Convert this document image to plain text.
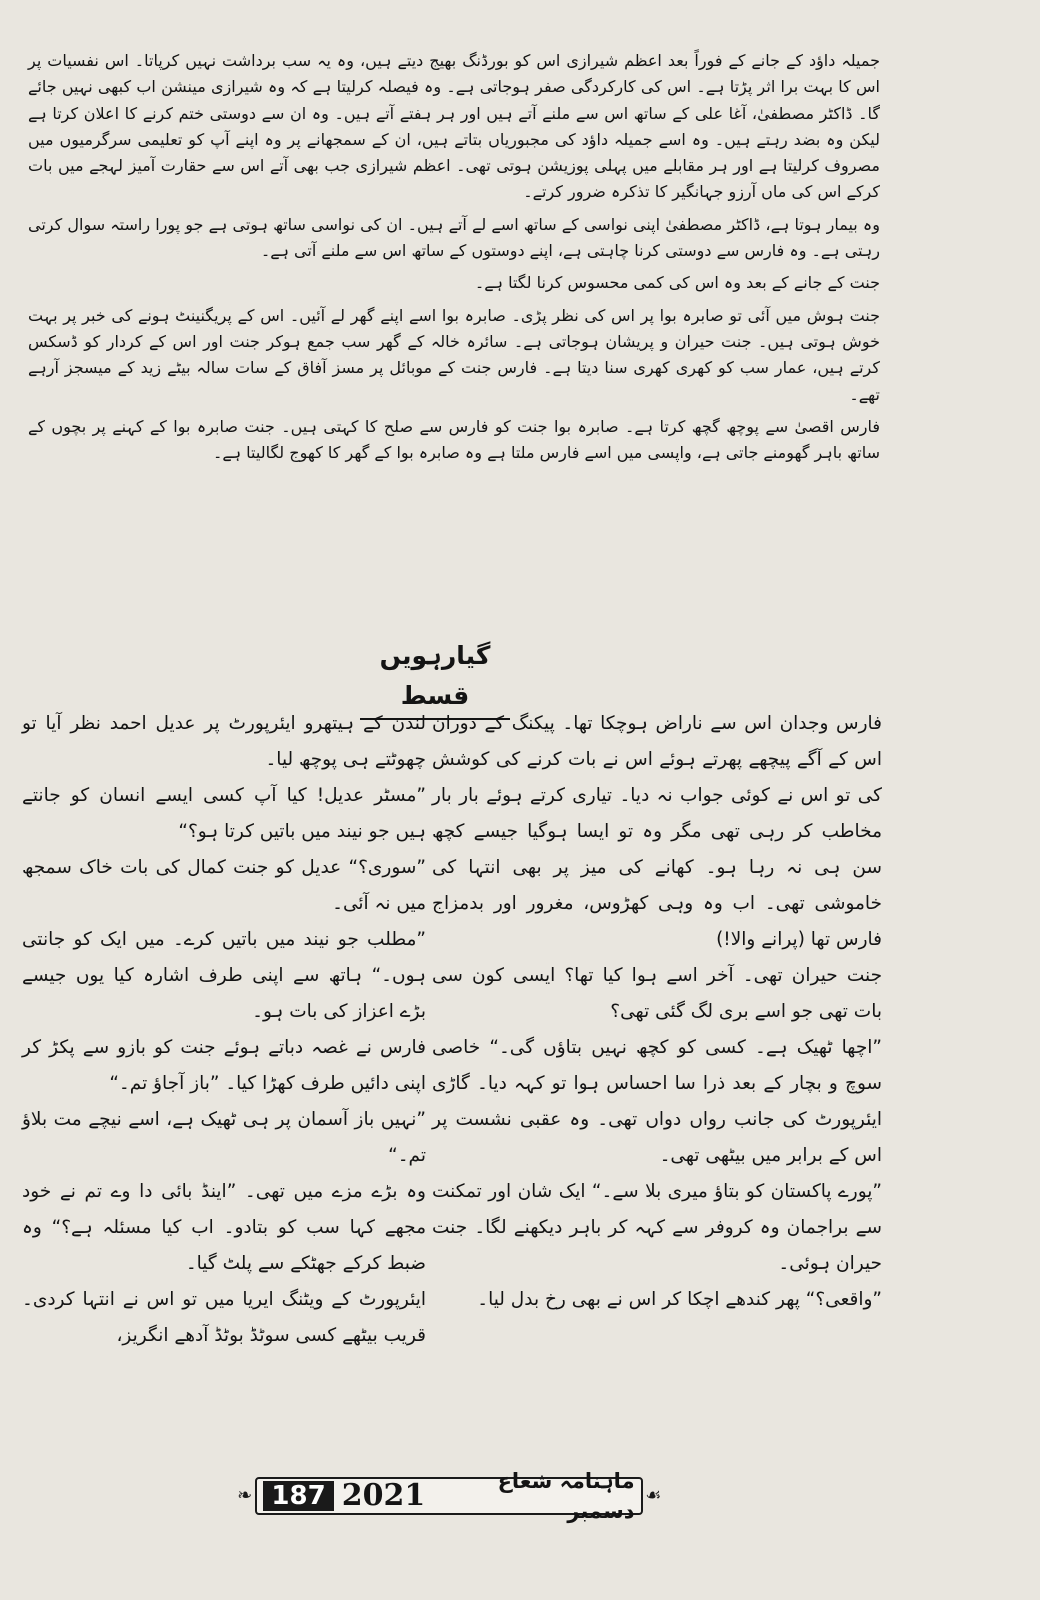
جمیلہ داؤد کے جانے کے فوراً بعد اعظم شیرازی اس کو بورڈنگ بھیج دیتے ہیں، وہ یہ سب برداشت نہیں کرپاتا۔ اس نفسیات پر اس کا بہت برا اثر پڑتا ہے۔ اس کی کارکردگی صفر ہوجاتی ہے۔ وہ فیصلہ کرلیتا ہے کہ وہ شیرازی مینشن اب کبھی نہیں جائے گا۔ ڈاکٹر مصطفیٰ، آغا علی کے ساتھ اس سے ملنے آتے ہیں اور ہر ہفتے آتے ہیں۔ وہ ان سے دوستی ختم کرنے کا اعلان کرتا ہے لیکن وہ بضد رہتے ہیں۔ وہ اسے جمیلہ داؤد کی مجبوریاں بتاتے ہیں، ان کے سمجھانے پر وہ اپنے آپ کو تعلیمی سرگرمیوں میں مصروف کرلیتا ہے اور ہر مقابلے میں پہلی پوزیشن ہوتی تھی۔ اعظم شیرازی جب بھی آتے اس سے حقارت آمیز لہجے میں بات کرکے اس کی ماں آرزو جہانگیر کا تذکرہ ضرور کرتے۔

وہ بیمار ہوتا ہے، ڈاکٹر مصطفیٰ اپنی نواسی کے ساتھ اسے لے آتے ہیں۔ ان کی نواسی ساتھ ہوتی ہے جو پورا راستہ سوال کرتی رہتی ہے۔ وہ فارس سے دوستی کرنا چاہتی ہے، اپنے دوستوں کے ساتھ اس سے ملنے آتی ہے۔

جنت کے جانے کے بعد وہ اس کی کمی محسوس کرنا لگتا ہے۔

جنت ہوش میں آئی تو صابرہ بوا پر اس کی نظر پڑی۔ صابرہ بوا اسے اپنے گھر لے آئیں۔ اس کے پریگنینٹ ہونے کی خبر پر بہت خوش ہوتی ہیں۔ جنت حیران و پریشان ہوجاتی ہے۔ سائرہ خالہ کے گھر سب جمع ہوکر جنت اور اس کے کردار کو ڈسکس کرتے ہیں، عمار سب کو کھری کھری سنا دیتا ہے۔ فارس جنت کے موبائل پر مسز آفاق کے سات سالہ بیٹے زید کے میسجز آرہے تھے۔

فارس اقصیٰ سے پوچھ گچھ کرتا ہے۔ صابرہ بوا جنت کو فارس سے صلح کا کہتی ہیں۔ جنت صابرہ بوا کے کہنے پر بچوں کے ساتھ باہر گھومنے جاتی ہے، واپسی میں اسے فارس ملتا ہے وہ صابرہ بوا کے گھر کا کھوج لگالیتا ہے۔

گیارہویں قسط

فارس وجدان اس سے ناراض ہوچکا تھا۔ پیکنگ کے دوران اس کے آگے پیچھے پھرتے ہوئے اس نے بات کرنے کی کوشش کی تو اس نے کوئی جواب نہ دیا۔ تیاری کرتے ہوئے بار بار مخاطب کر رہی تھی مگر وہ تو ایسا ہوگیا جیسے کچھ سن ہی نہ رہا ہو۔ کھانے کی میز پر بھی انتہا کی خاموشی تھی۔ اب وہ وہی کھڑوس، مغرور اور بدمزاج فارس تھا (پرانے والا!)

جنت حیران تھی۔ آخر اسے ہوا کیا تھا؟ ایسی کون سی بات تھی جو اسے بری لگ گئی تھی؟

”اچھا ٹھیک ہے۔ کسی کو کچھ نہیں بتاؤں گی۔“ خاصی سوچ و بچار کے بعد ذرا سا احساس ہوا تو کہہ دیا۔ گاڑی ایئرپورٹ کی جانب رواں دواں تھی۔ وہ عقبی نشست پر اس کے برابر میں بیٹھی تھی۔

”پورے پاکستان کو بتاؤ میری بلا سے۔“ ایک شان اور تمکنت سے براجمان وہ کروفر سے کہہ کر باہر دیکھنے لگا۔ جنت حیران ہوئی۔

”واقعی؟“ پھر کندھے اچکا کر اس نے بھی رخ بدل لیا۔

لندن کے ہیتھرو ایئرپورٹ پر عدیل احمد نظر آیا تو چھوٹتے ہی پوچھ لیا۔

”مسٹر عدیل! کیا آپ کسی ایسے انسان کو جانتے ہیں جو نیند میں باتیں کرتا ہو؟“

”سوری؟“ عدیل کو جنت کمال کی بات خاک سمجھ میں نہ آئی۔

”مطلب جو نیند میں باتیں کرے۔ میں ایک کو جانتی ہوں۔“ ہاتھ سے اپنی طرف اشارہ کیا یوں جیسے بڑے اعزاز کی بات ہو۔

فارس نے غصہ دباتے ہوئے جنت کو بازو سے پکڑ کر اپنی دائیں طرف کھڑا کیا۔ ”باز آجاؤ تم۔“

”نہیں باز آسمان پر ہی ٹھیک ہے، اسے نیچے مت بلاؤ تم۔“

وہ بڑے مزے میں تھی۔ ”اینڈ بائی دا وے تم نے خود مجھے کہا سب کو بتادو۔ اب کیا مسئلہ ہے؟“ وہ ضبط کرکے جھٹکے سے پلٹ گیا۔

ایئرپورٹ کے ویٹنگ ایریا میں تو اس نے انتہا کردی۔ قریب بیٹھے کسی سوٹڈ بوٹڈ آدھے انگریز،

❧ 187 2021	ماہنامہ شعاع دسمبر
☙
